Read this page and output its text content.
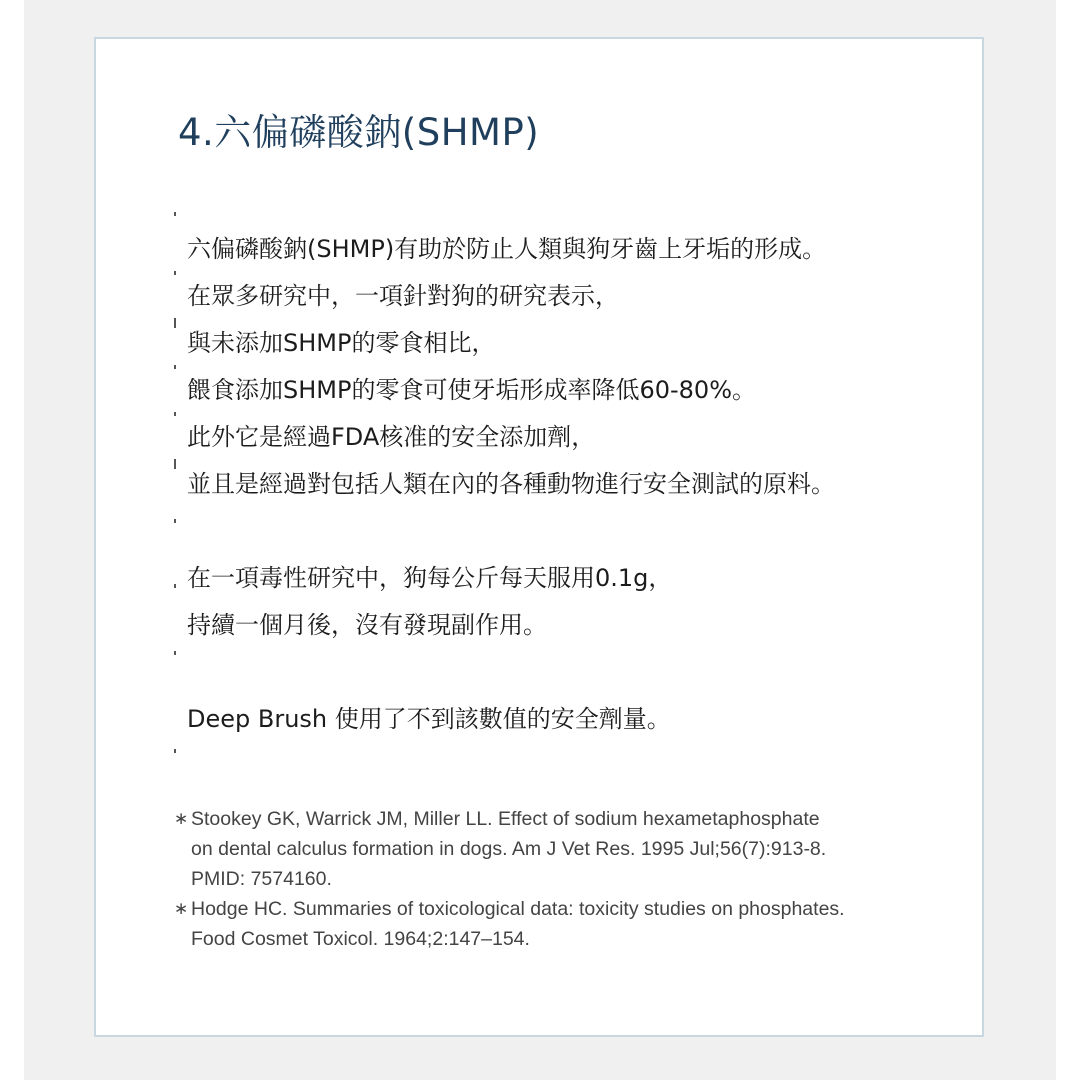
4.六偏磷酸鈉(SHMP)

六偏磷酸鈉(SHMP)有助於防止人類與狗牙齒上牙垢的形成。

在眾多研究中，一項針對狗的研究表示，

與未添加SHMP的零食相比，

餵食添加SHMP的零食可使牙垢形成率降低60-80%。

此外它是經過FDA核准的安全添加劑，

並且是經過對包括人類在內的各種動物進行安全測試的原料。

在一項毒性研究中，狗每公斤每天服用0.1g，

持續一個月後，沒有發現副作用。

Deep Brush 使用了不到該數值的安全劑量。

∗ Stookey GK, Warrick JM, Miller LL. Effect of sodium hexametaphosphate
on dental calculus formation in dogs. Am J Vet Res. 1995 Jul;56(7):913-8.
PMID: 7574160.
∗ Hodge HC. Summaries of toxicological data: toxicity studies on phosphates.
Food Cosmet Toxicol. 1964;2:147–154.
